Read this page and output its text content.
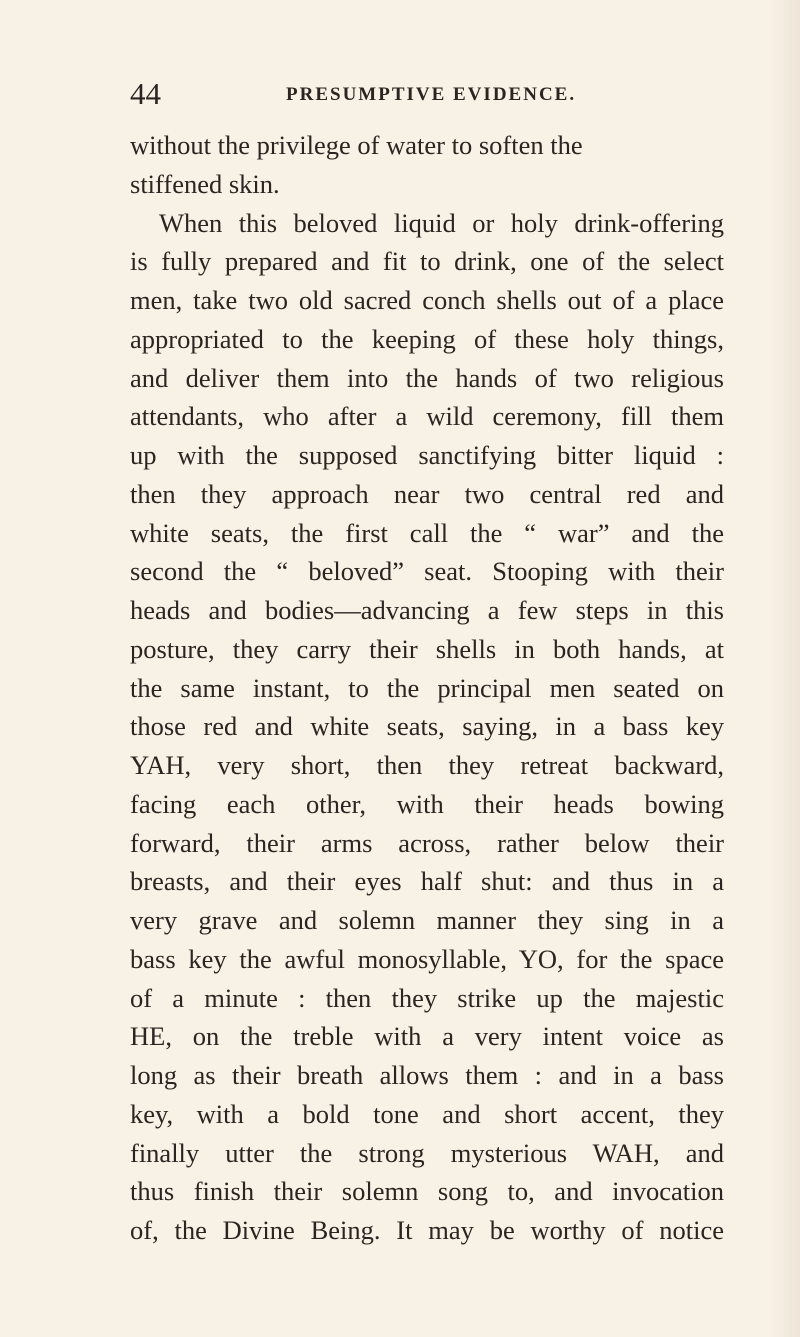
44	PRESUMPTIVE EVIDENCE.
without the privilege of water to soften the
stiffened skin.
When this beloved liquid or holy drink-offering
is fully prepared and fit to drink, one of the select
men, take two old sacred conch shells out of a place
appropriated to the keeping of these holy things,
and deliver them into the hands of two religious
attendants, who after a wild ceremony, fill them
up with the supposed sanctifying bitter liquid :
then they approach near two central red and
white seats, the first call the “ war” and the
second the “ beloved” seat. Stooping with their
heads and bodies—advancing a few steps in this
posture, they carry their shells in both hands, at
the same instant, to the principal men seated on
those red and white seats, saying, in a bass key
YAH, very short, then they retreat backward,
facing each other, with their heads bowing
forward, their arms across, rather below their
breasts, and their eyes half shut: and thus in a
very grave and solemn manner they sing in a
bass key the awful monosyllable, YO, for the space
of a minute : then they strike up the majestic
HE, on the treble with a very intent voice as
long as their breath allows them : and in a bass
key, with a bold tone and short accent, they
finally utter the strong mysterious WAH, and
thus finish their solemn song to, and invocation
of, the Divine Being. It may be worthy of notice
